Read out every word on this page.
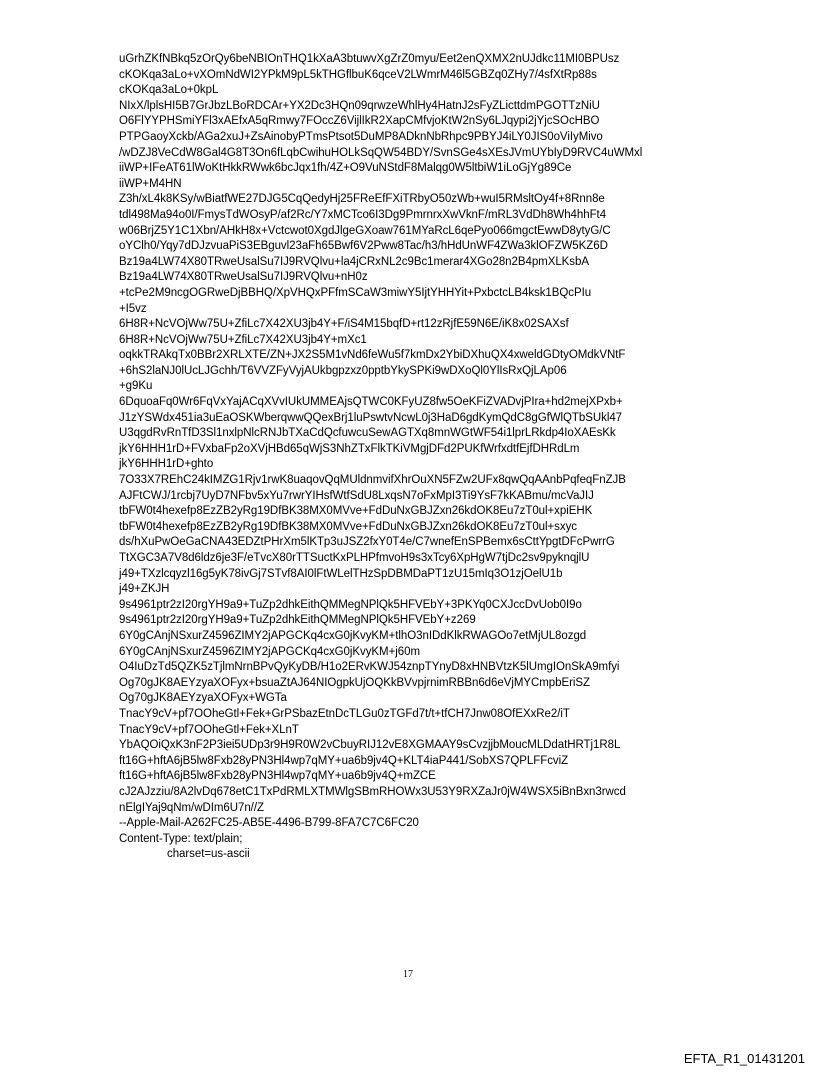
uGrhZKfNBkq5zOrQy6beNBIOnTHQ1kXaA3btuwvXgZrZ0myu/Eet2enQXMX2nUJdkc11MI0BPUsz
cKOKqa3aLo+vXOmNdWI2YPkM9pL5kTHGflbuK6qceV2LWmrM46l5GBZq0ZHy7/4sfXtRp88s
cKOKqa3aLo+0kpL
NIxX/lplsHI5B7GrJbzLBoRDCAr+YX2Dc3HQn09qrwzeWhlHy4HatnJ2sFyZLicttdmPGOTTzNiU
O6FlYYPHSmiYFl3xAEfxA5qRmwy7FOccZ6VijlIkR2XapCMfvjoKtW2nSy6LJqypi2jYjcSOcHBO
PTPGaoyXckb/AGa2xuJ+ZsAinobyPTmsPtsot5DuMP8ADknNbRhpc9PBYJ4iLY0JIS0oViIyMivo
/wDZJ8VeCdW8Gal4G8T3On6fLqbCwihuHOLkSqQW54BDY/SvnSGe4sXEsJVmUYbIyD9RVC4uWMxl
iiWP+IFeAT61lWoKtHkkRWwk6bcJqx1fh/4Z+O9VuNStdF8Malqg0W5ltbiW1iLoGjYg89Ce
iiWP+M4HN
Z3h/xL4k8KSy/wBiatfWE27DJG5CqQedyHj25FReEfFXiTRbyO50zWb+wuI5RMsltOy4f+8Rnn8e
tdl498Ma94o0I/FmysTdWOsyP/af2Rc/Y7xMCTco6I3Dg9PmrnrxXwVknF/mRL3VdDh8Wh4hhFt4
w06BrjZ5Y1C1Xbn/AHkH8x+Vctcwot0XgdJlgeGXoaw761MYaRcL6qePyo066mgctEwwD8ytyG/C
oYClh0/Yqy7dDJzvuaPiS3EBguvl23aFh65Bwf6V2Pww8Tac/h3/hHdUnWF4ZWa3klOFZW5KZ6D
Bz19a4LW74X80TRweUsalSu7IJ9RVQlvu+la4jCRxNL2c9Bc1merar4XGo28n2B4pmXLKsbA
Bz19a4LW74X80TRweUsalSu7IJ9RVQlvu+nH0z
+tcPe2M9ncgOGRweDjBBHQ/XpVHQxPFfmSCaW3miwY5IjtYHHYit+PxbctcLB4ksk1BQcPIu
+I5vz
6H8R+NcVOjWw75U+ZfiLc7X42XU3jb4Y+F/iS4M15bqfD+rt12zRjfE59N6E/iK8x02SAXsf
6H8R+NcVOjWw75U+ZfiLc7X42XU3jb4Y+mXc1
oqkkTRAkqTx0BBr2XRLXTE/ZN+JX2S5M1vNd6feWu5f7kmDx2YbiDXhuQX4xweldGDtyOMdkVNtF
+6hS2laNJ0lUcLJGchh/T6VVZFyVyjAUkbgpzxz0pptbYkySPKi9wDXoQl0YlIsRxQjLAp06
+g9Ku
6DquoaFq0Wr6FqVxYajACqXVvIUkUMMEAjsQTWC0KFyUZ8fw5OeKFiZVADvjPIra+hd2mejXPxb+
J1zYSWdx451ia3uEaOSKWberqwwQQexBrj1luPswtvNcwL0j3HaD6gdKymQdC8gGfWlQTbSUkl47
U3qgdRvRnTfD3Sl1nxlpNlcRNJbTXaCdQcfuwcuSewAGTXq8mnWGtWF54i1lprLRkdp4IoXAEsKk
jkY6HHH1rD+FVxbaFp2oXVjHBd65qWjS3NhZTxFlkTKiVMgjDFd2PUKfWrfxdtfEjfDHRdLm
jkY6HHH1rD+ghto
7O33X7REhC24kIMZG1Rjv1rwK8uaqovQqMUldnmvifXhrOuXN5FZw2UFx8qwQqAAnbPqfeqFnZJB
AJFtCWJ/1rcbj7UyD7NFbv5xYu7rwrYIHsfWtfSdU8LxqsN7oFxMpI3Ti9YsF7kKABmu/mcVaJIJ
tbFW0t4hexefp8EzZB2yRg19DfBK38MX0MVve+FdDuNxGBJZxn26kdOK8Eu7zT0ul+xpiEHK
tbFW0t4hexefp8EzZB2yRg19DfBK38MX0MVve+FdDuNxGBJZxn26kdOK8Eu7zT0ul+sxyc
ds/hXuPwOeGaCNA43EDZtPHrXm5lKTp3uJSZ2fxY0T4e/C7wnefEnSPBemx6sCttYpgtDFcPwrrG
TtXGC3A7V8d6ldz6je3F/eTvcX80rTTSuctKxPLHPfmvoH9s3xTcy6XpHgW7tjDc2sv9pyknqjlU
j49+TXzlcqyzl16g5yK78ivGj7STvf8AI0lFtWLelTHzSpDBMDaPT1zU15mIq3O1zjOelU1b
j49+ZKJH
9s4961ptr2zI20rgYH9a9+TuZp2dhkEithQMMegNPlQk5HFVEbY+3PKYq0CXJccDvUob0I9o
9s4961ptr2zI20rgYH9a9+TuZp2dhkEithQMMegNPlQk5HFVEbY+z269
6Y0gCAnjNSxurZ4596ZIMY2jAPGCKq4cxG0jKvyKM+tlhO3nIDdKlkRWAGOo7etMjUL8ozgd
6Y0gCAnjNSxurZ4596ZIMY2jAPGCKq4cxG0jKvyKM+j60m
O4IuDzTd5QZK5zTjlmNrnBPvQyKyDB/H1o2ERvKWJ54znpTYnyD8xHNBVtzK5lUmgIOnSkA9mfyi
Og70gJK8AEYzyaXOFyx+bsuaZtAJ64NIOgpkUjOQKkBVvpjrnimRBBn6d6eVjMYCmpbEriSZ
Og70gJK8AEYzyaXOFyx+WGTa
TnacY9cV+pf7OOheGtl+Fek+GrPSbazEtnDcTLGu0zTGFd7t/t+tfCH7Jnw08OfEXxRe2/iT
TnacY9cV+pf7OOheGtl+Fek+XLnT
YbAQOiQxK3nF2P3iei5UDp3r9H9R0W2vCbuyRIJ12vE8XGMAAY9sCvzjjbMoucMLDdatHRTj1R8L
ft16G+hftA6jB5lw8Fxb28yPN3Hl4wp7qMY+ua6b9jv4Q+KLT4iaP441/SobXS7QPLFFcviZ
ft16G+hftA6jB5lw8Fxb28yPN3Hl4wp7qMY+ua6b9jv4Q+mZCE
cJ2AJzziu/8A2lvDq678etC1TxPdRMLXTMWlgSBmRHOWx3U53Y9RXZaJr0jW4WSX5iBnBxn3rwcd
nElgIYaj9qNm/wDIm6U7n//Z
--Apple-Mail-A262FC25-AB5E-4496-B799-8FA7C7C6FC20
Content-Type: text/plain;
charset=us-ascii
17
EFTA_R1_01431201
